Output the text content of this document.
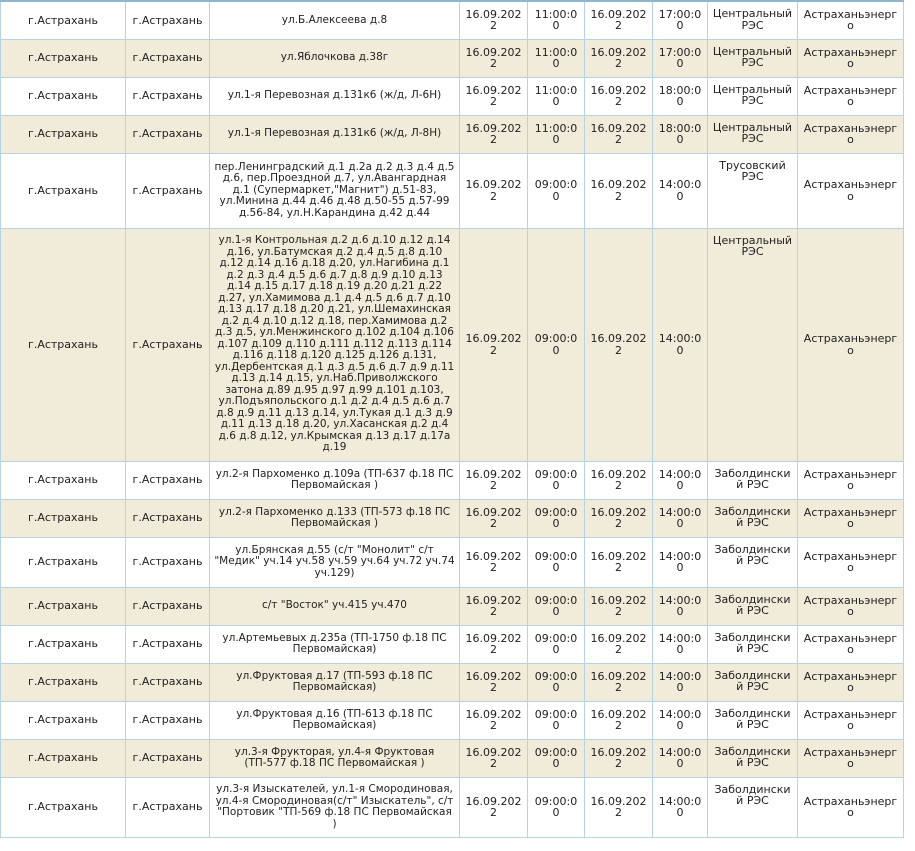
г.Астрахань	г.Астрахань	ул.Б.Алексеева д.8	16.09.2022	11:00:00	16.09.2022	17:00:00	Центральный РЭС	Астраханьэнерго
г.Астрахань	г.Астрахань	ул.Яблочкова д.38г	16.09.2022	11:00:00	16.09.2022	17:00:00	Центральный РЭС	Астраханьэнерго
г.Астрахань	г.Астрахань	ул.1-я Перевозная д.131к6 (ж/д, Л-6Н)	16.09.2022	11:00:00	16.09.2022	18:00:00	Центральный РЭС	Астраханьэнерго
г.Астрахань	г.Астрахань	ул.1-я Перевозная д.131к6 (ж/д, Л-8Н)	16.09.2022	11:00:00	16.09.2022	18:00:00	Центральный РЭС	Астраханьэнерго
г.Астрахань	г.Астрахань	пер.Ленинградский д.1 д.2а д.2 д.3 д.4 д.5 д.6, пер.Проездной д.7, ул.Авангардная д.1 (Супермаркет,"Магнит") д.51-83, ул.Минина д.44 д.46 д.48 д.50-55 д.57-99 д.56-84, ул.Н.Карандина д.42 д.44	16.09.2022	09:00:00	16.09.2022	14:00:00	Трусовский РЭС	Астраханьэнерго
г.Астрахань	г.Астрахань	ул.1-я Контрольная д.2 д.6 д.10 д.12 д.14 д.16, ул.Батумская д.2 д.4 д.5 д.8 д.10 д.12 д.14 д.16 д.18 д.20, ул.Нагибина д.1 д.2 д.3 д.4 д.5 д.6 д.7 д.8 д.9 д.10 д.13 д.14 д.15 д.17 д.18 д.19 д.20 д.21 д.22 д.27, ул.Хамимова д.1 д.4 д.5 д.6 д.7 д.10 д.13 д.17 д.18 д.20 д.21, ул.Шемахинская д.2 д.4 д.10 д.12 д.18, пер.Хамимова д.2 д.3 д.5, ул.Менжинского д.102 д.104 д.106 д.107 д.109 д.110 д.111 д.112 д.113 д.114 д.116 д.118 д.120 д.125 д.126 д.131, ул.Дербентская д.1 д.3 д.5 д.6 д.7 д.9 д.11 д.13 д.14 д.15, ул.Наб.Приволжского затона д.89 д.95 д.97 д.99 д.101 д.103, ул.Подъяпольского д.1 д.2 д.4 д.5 д.6 д.7 д.8 д.9 д.11 д.13 д.14, ул.Тукая д.1 д.3 д.9 д.11 д.13 д.18 д.20, ул.Хасанская д.2 д.4 д.6 д.8 д.12, ул.Крымская д.13 д.17 д.17а д.19	16.09.2022	09:00:00	16.09.2022	14:00:00	Центральный РЭС	Астраханьэнерго
г.Астрахань	г.Астрахань	ул.2-я Пархоменко д.109а (ТП-637 ф.18 ПС Первомайская )	16.09.2022	09:00:00	16.09.2022	14:00:00	Заболдинский РЭС	Астраханьэнерго
г.Астрахань	г.Астрахань	ул.2-я Пархоменко д.133 (ТП-573 ф.18 ПС Первомайская )	16.09.2022	09:00:00	16.09.2022	14:00:00	Заболдинский РЭС	Астраханьэнерго
г.Астрахань	г.Астрахань	ул.Брянская д.55 (с/т "Монолит" с/т "Медик" уч.14 уч.58 уч.59 уч.64 уч.72 уч.74 уч.129)	16.09.2022	09:00:00	16.09.2022	14:00:00	Заболдинский РЭС	Астраханьэнерго
г.Астрахань	г.Астрахань	с/т "Восток" уч.415 уч.470	16.09.2022	09:00:00	16.09.2022	14:00:00	Заболдинский РЭС	Астраханьэнерго
г.Астрахань	г.Астрахань	ул.Артемьевых д.235а (ТП-1750 ф.18 ПС Первомайская)	16.09.2022	09:00:00	16.09.2022	14:00:00	Заболдинский РЭС	Астраханьэнерго
г.Астрахань	г.Астрахань	ул.Фруктовая д.17 (ТП-593 ф.18 ПС Первомайская)	16.09.2022	09:00:00	16.09.2022	14:00:00	Заболдинский РЭС	Астраханьэнерго
г.Астрахань	г.Астрахань	ул.Фруктовая д.16 (ТП-613 ф.18 ПС Первомайская)	16.09.2022	09:00:00	16.09.2022	14:00:00	Заболдинский РЭС	Астраханьэнерго
г.Астрахань	г.Астрахань	ул.3-я Фрукторая, ул.4-я Фруктовая (ТП-577 ф.18 ПС Первомайская )	16.09.2022	09:00:00	16.09.2022	14:00:00	Заболдинский РЭС	Астраханьэнерго
г.Астрахань	г.Астрахань	ул.3-я Изыскателей, ул.1-я Смородиновая, ул.4-я Смородиновая(с/т" Изыскатель", с/т "Портовик "ТП-569 ф.18 ПС Первомайская )	16.09.2022	09:00:00	16.09.2022	14:00:00	Заболдинский РЭС	Астраханьэнерго
